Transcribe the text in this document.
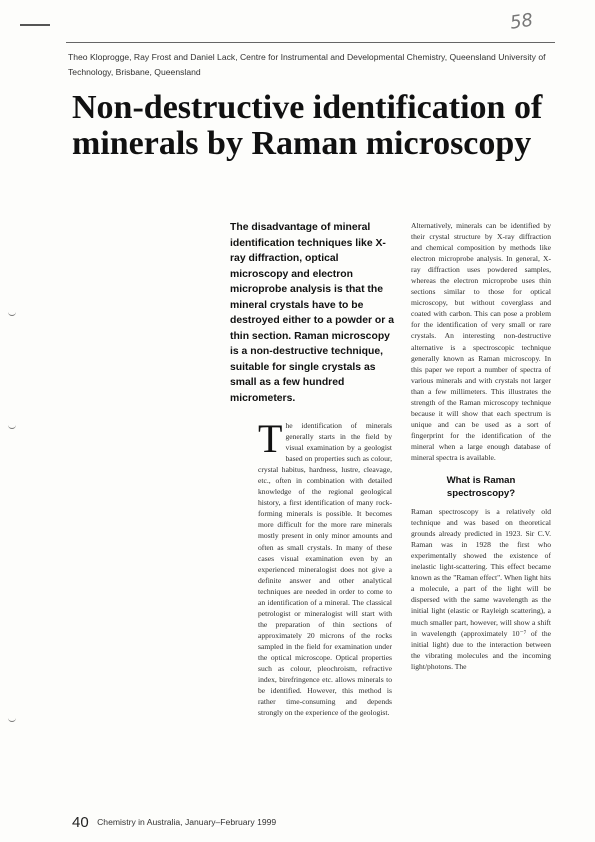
58
Theo Kloprogge, Ray Frost and Daniel Lack, Centre for Instrumental and Developmental Chemistry, Queensland University of Technology, Brisbane, Queensland
Non-destructive identification of minerals by Raman microscopy
The disadvantage of mineral identification techniques like X-ray diffraction, optical microscopy and electron microprobe analysis is that the mineral crystals have to be destroyed either to a powder or a thin section. Raman microscopy is a non-destructive technique, suitable for single crystals as small as a few hundred micrometers.
T he identification of minerals generally starts in the field by visual examination by a geologist based on properties such as colour, crystal habitus, hardness, lustre, cleavage, etc., often in combination with detailed knowledge of the regional geological history, a first identification of many rock-forming minerals is possible. It becomes more difficult for the more rare minerals mostly present in only minor amounts and often as small crystals. In many of these cases visual examination even by an experienced mineralogist does not give a definite answer and other analytical techniques are needed in order to come to an identification of a mineral. The classical petrologist or mineralogist will start with the preparation of thin sections of approximately 20 microns of the rocks sampled in the field for examination under the optical microscope. Optical properties such as colour, pleochroism, refractive index, birefringence etc. allows minerals to be identified. However, this method is rather time-consuming and depends strongly on the experience of the geologist.
Alternatively, minerals can be identified by their crystal structure by X-ray diffraction and chemical composition by methods like electron microprobe analysis. In general, X-ray diffraction uses powdered samples, whereas the electron microprobe uses thin sections similar to those for optical microscopy, but without coverglass and coated with carbon. This can pose a problem for the identification of very small or rare crystals. An interesting non-destructive alternative is a spectroscopic technique generally known as Raman microscopy. In this paper we report a number of spectra of various minerals and with crystals not larger than a few millimeters. This illustrates the strength of the Raman microscopy technique because it will show that each spectrum is unique and can be used as a sort of fingerprint for the identification of the mineral when a large enough database of mineral spectra is available.
What is Raman spectroscopy?
Raman spectroscopy is a relatively old technique and was based on theoretical grounds already predicted in 1923. Sir C.V. Raman was in 1928 the first who experimentally showed the existence of inelastic light-scattering. This effect became known as the "Raman effect". When light hits a molecule, a part of the light will be dispersed with the same wavelength as the initial light (elastic or Rayleigh scattering), a much smaller part, however, will show a shift in wavelength (approximately 10⁻⁷ of the initial light) due to the interaction between the vibrating molecules and the incoming light/photons. The
40 Chemistry in Australia, January–February 1999
